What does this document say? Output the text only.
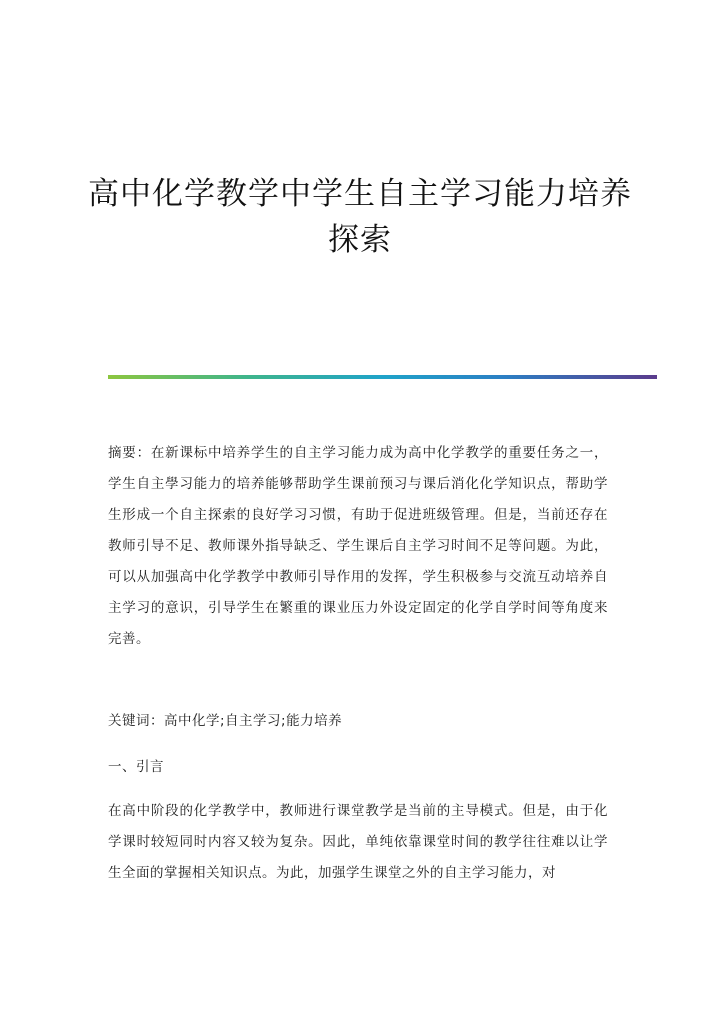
高中化学教学中学生自主学习能力培养
探索
摘要：在新课标中培养学生的自主学习能力成为高中化学教学的重要任务之一，学生自主學习能力的培养能够帮助学生课前预习与课后消化化学知识点，帮助学生形成一个自主探索的良好学习习惯，有助于促进班级管理。但是，当前还存在教师引导不足、教师课外指导缺乏、学生课后自主学习时间不足等问题。为此，可以从加强高中化学教学中教师引导作用的发挥，学生积极参与交流互动培养自主学习的意识，引导学生在繁重的课业压力外设定固定的化学自学时间等角度来完善。
关键词：高中化学;自主学习;能力培养
一、引言
在高中阶段的化学教学中，教师进行课堂教学是当前的主导模式。但是，由于化学课时较短同时内容又较为复杂。因此，单纯依靠课堂时间的教学往往难以让学生全面的掌握相关知识点。为此，加强学生课堂之外的自主学习能力，对
